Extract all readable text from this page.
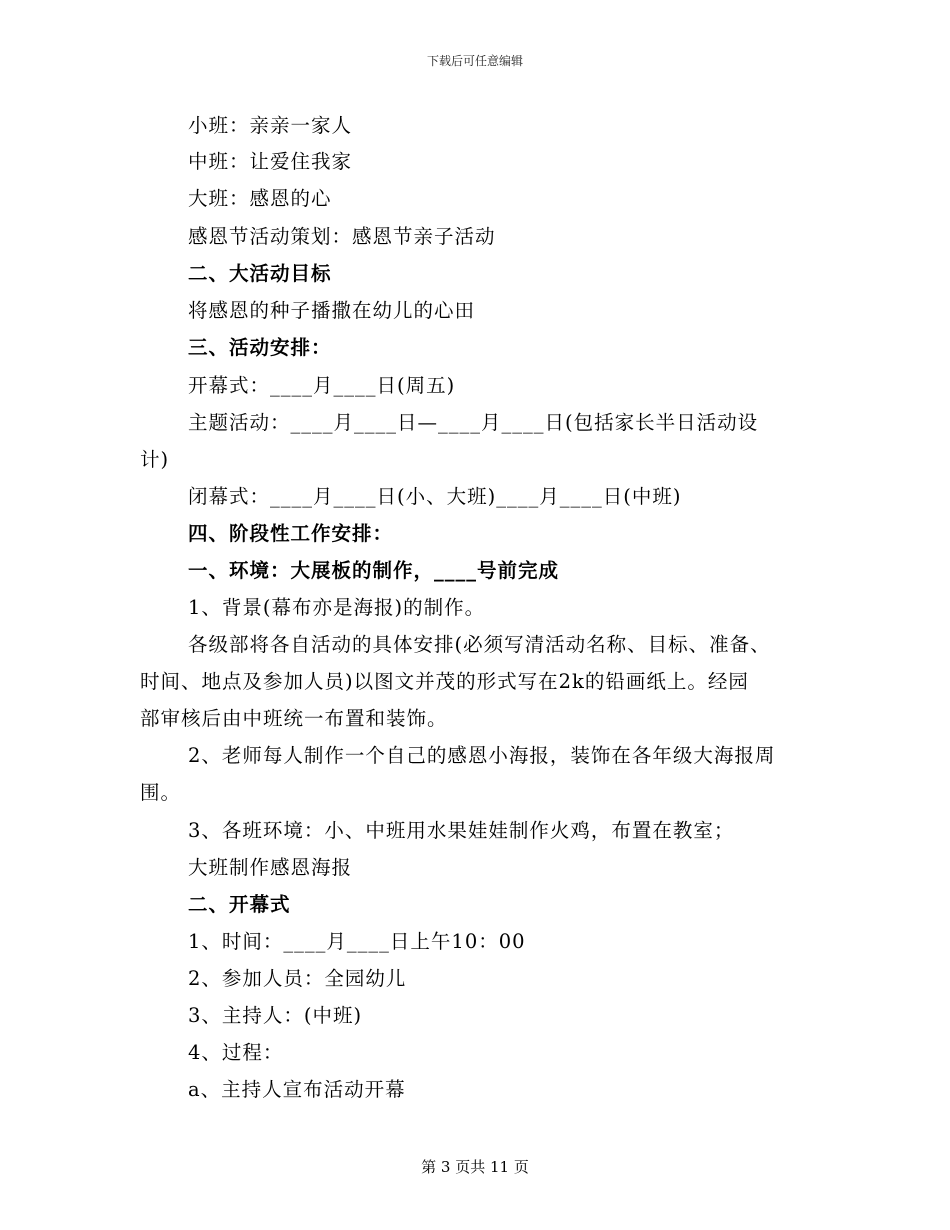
下载后可任意编辑
小班：亲亲一家人
中班：让爱住我家
大班：感恩的心
感恩节活动策划：感恩节亲子活动
二、大活动目标
将感恩的种子播撒在幼儿的心田
三、活动安排：
开幕式：____月____日(周五)
主题活动：____月____日—____月____日(包括家长半日活动设
计)
闭幕式：____月____日(小、大班)____月____日(中班)
四、阶段性工作安排：
一、环境：大展板的制作，____号前完成
1、背景(幕布亦是海报)的制作。
各级部将各自活动的具体安排(必须写清活动名称、目标、准备、
时间、地点及参加人员)以图文并茂的形式写在2k的铅画纸上。经园
部审核后由中班统一布置和装饰。
2、老师每人制作一个自己的感恩小海报，装饰在各年级大海报周
围。
3、各班环境：小、中班用水果娃娃制作火鸡，布置在教室；
大班制作感恩海报
二、开幕式
1、时间：____月____日上午10：00
2、参加人员：全园幼儿
3、主持人：(中班)
4、过程：
a、主持人宣布活动开幕
第 3 页共 11 页
